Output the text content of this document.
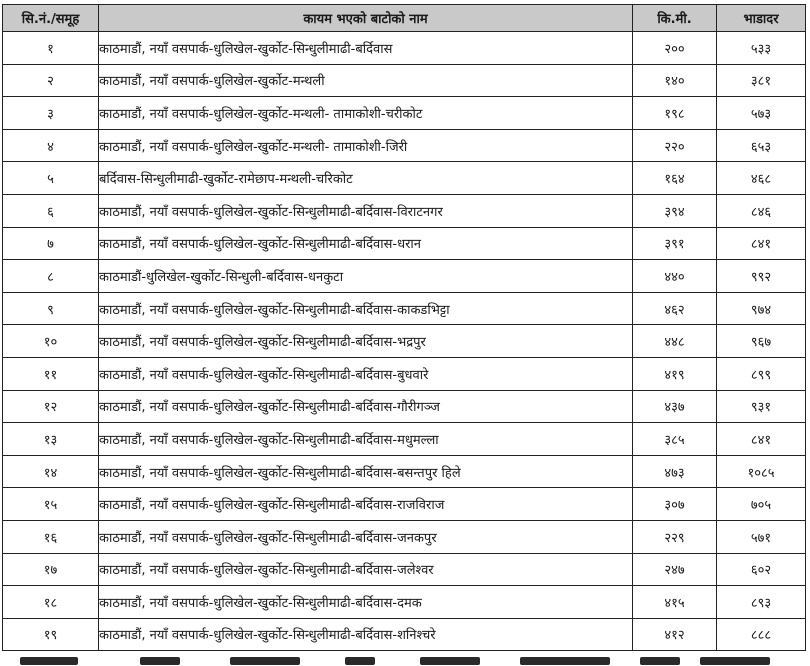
सि.नं./समूह	कायम भएको बाटोको नाम	कि.मी.	भाडादर
१	काठमाडौं, नयाँ वसपार्क-धुलिखेल-खुर्कोट-सिन्धुलीमाढी-बर्दिवास	२००	५३३
२	काठमाडौं, नयाँ वसपार्क-धुलिखेल-खुर्कोट-मन्थली	१४०	३८१
३	काठमाडौं, नयाँ वसपार्क-धुलिखेल-खुर्कोट-मन्थली- तामाकोशी-चरीकोट	१९८	५७३
४	काठमाडौं, नयाँ वसपार्क-धुलिखेल-खुर्कोट-मन्थली- तामाकोशी-जिरी	२२०	६५३
५	बर्दिवास-सिन्धुलीमाढी-खुर्कोट-रामेछाप-मन्थली-चरिकोट	१६४	४६८
६	काठमाडौं, नयाँ वसपार्क-धुलिखेल-खुर्कोट-सिन्धुलीमाढी-बर्दिवास-विराटनगर	३९४	८४६
७	काठमाडौं, नयाँ वसपार्क-धुलिखेल-खुर्कोट-सिन्धुलीमाढी-बर्दिवास-धरान	३९१	८४१
८	काठमाडौं-धुलिखेल-खुर्कोट-सिन्धुली-बर्दिवास-धनकुटा	४४०	९९२
९	काठमाडौं, नयाँ वसपार्क-धुलिखेल-खुर्कोट-सिन्धुलीमाढी-बर्दिवास-काकडभिट्टा	४६२	९७४
१०	काठमाडौं, नयाँ वसपार्क-धुलिखेल-खुर्कोट-सिन्धुलीमाढी-बर्दिवास-भद्रपुर	४४८	९६७
११	काठमाडौं, नयाँ वसपार्क-धुलिखेल-खुर्कोट-सिन्धुलीमाढी-बर्दिवास-बुधवारे	४१९	८९९
१२	काठमाडौं, नयाँ वसपार्क-धुलिखेल-खुर्कोट-सिन्धुलीमाढी-बर्दिवास-गौरीगञ्ज	४३७	९३१
१३	काठमाडौं, नयाँ वसपार्क-धुलिखेल-खुर्कोट-सिन्धुलीमाढी-बर्दिवास-मधुमल्ला	३८५	८४१
१४	काठमाडौं, नयाँ वसपार्क-धुलिखेल-खुर्कोट-सिन्धुलीमाढी-बर्दिवास-बसन्तपुर हिले	४७३	१०८५
१५	काठमाडौं, नयाँ वसपार्क-धुलिखेल-खुर्कोट-सिन्धुलीमाढी-बर्दिवास-राजविराज	३०७	७०५
१६	काठमाडौं, नयाँ वसपार्क-धुलिखेल-खुर्कोट-सिन्धुलीमाढी-बर्दिवास-जनकपुर	२२९	५७१
१७	काठमाडौं, नयाँ वसपार्क-धुलिखेल-खुर्कोट-सिन्धुलीमाढी-बर्दिवास-जलेश्वर	२४७	६०२
१८	काठमाडौं, नयाँ वसपार्क-धुलिखेल-खुर्कोट-सिन्धुलीमाढी-बर्दिवास-दमक	४१५	८९३
१९	काठमाडौं, नयाँ वसपार्क-धुलिखेल-खुर्कोट-सिन्धुलीमाढी-बर्दिवास-शनिश्चरे	४१२	८८८
